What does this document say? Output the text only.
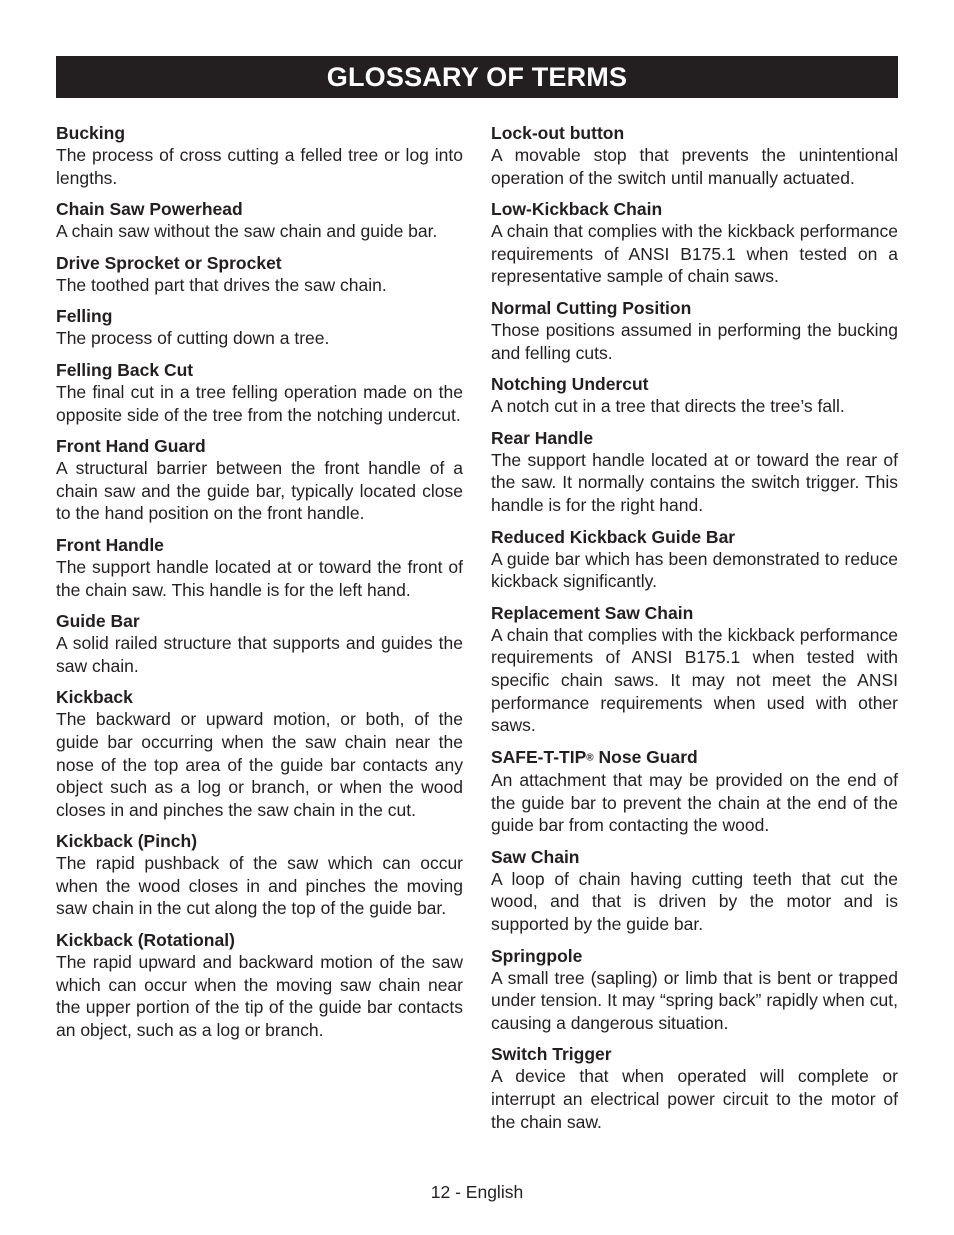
GLOSSARY OF TERMS
Bucking

The process of cross cutting a felled tree or log into lengths.

Chain Saw Powerhead

A chain saw without the saw chain and guide bar.

Drive Sprocket or Sprocket

The toothed part that drives the saw chain.

Felling

The process of cutting down a tree.

Felling Back Cut

The final cut in a tree felling operation made on the opposite side of the tree from the notching undercut.

Front Hand Guard

A structural barrier between the front handle of a chain saw and the guide bar, typically located close to the hand position on the front handle.

Front Handle

The support handle located at or toward the front of the chain saw. This handle is for the left hand.

Guide Bar

A solid railed structure that supports and guides the saw chain.

Kickback

The backward or upward motion, or both, of the guide bar occurring when the saw chain near the nose of the top area of the guide bar contacts any object such as a log or branch, or when the wood closes in and pinches the saw chain in the cut.

Kickback (Pinch)

The rapid pushback of the saw which can occur when the wood closes in and pinches the moving saw chain in the cut along the top of the guide bar.

Kickback (Rotational)

The rapid upward and backward motion of the saw which can occur when the moving saw chain near the upper portion of the tip of the guide bar contacts an object, such as a log or branch.

Lock-out button

A movable stop that prevents the unintentional operation of the switch until manually actuated.

Low-Kickback Chain

A chain that complies with the kickback performance requirements of ANSI B175.1 when tested on a representative sample of chain saws.

Normal Cutting Position

Those positions assumed in performing the bucking and felling cuts.

Notching Undercut

A notch cut in a tree that directs the tree’s fall.

Rear Handle

The support handle located at or toward the rear of the saw. It normally contains the switch trigger. This handle is for the right hand.

Reduced Kickback Guide Bar

A guide bar which has been demonstrated to reduce kickback significantly.

Replacement Saw Chain

A chain that complies with the kickback performance requirements of ANSI B175.1 when tested with specific chain saws. It may not meet the ANSI performance requirements when used with other saws.

SAFE-T-TIP® Nose Guard

An attachment that may be provided on the end of the guide bar to prevent the chain at the end of the guide bar from contacting the wood.

Saw Chain

A loop of chain having cutting teeth that cut the wood, and that is driven by the motor and is supported by the guide bar.

Springpole

A small tree (sapling) or limb that is bent or trapped under tension. It may “spring back” rapidly when cut, causing a dangerous situation.

Switch Trigger

A device that when operated will complete or interrupt an electrical power circuit to the motor of the chain saw.

12 - English
